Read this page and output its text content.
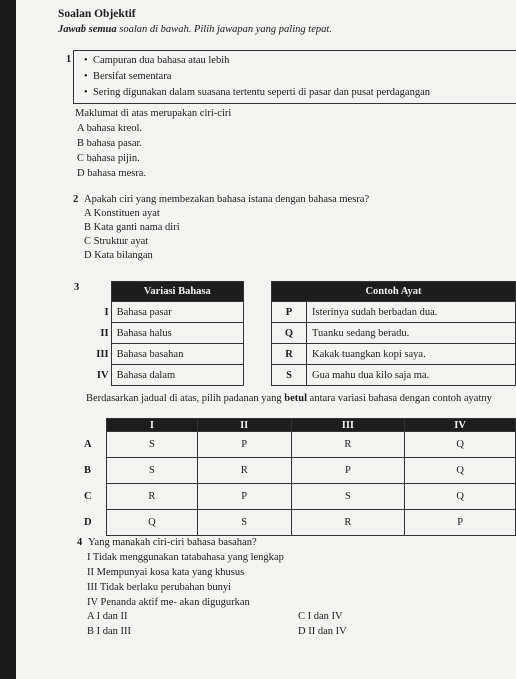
Soalan Objektif
Jawab semua soalan di bawah. Pilih jawapan yang paling tepat.
1 •  Campuran dua bahasa atau lebih
•  Bersifat sementara
•  Sering digunakan dalam suasana tertentu seperti di pasar dan pusat perdagangan
Maklumat di atas merupakan ciri-ciri
A bahasa kreol.
B bahasa pasar.
C bahasa pijin.
D bahasa mesra.
2 Apakah ciri yang membezakan bahasa istana dengan bahasa mesra?
A Konstituen ayat
B Kata ganti nama diri
C Struktur ayat
D Kata bilangan
3
		Variasi Bahasa
I	Bahasa pasar
II	Bahasa halus
III	Bahasa basahan
IV	Bahasa dalam
Contoh Ayat	
P	Isterinya sudah berbadan dua.
Q	Tuanku sedang beradu.
R	Kakak tuangkan kopi saya.
S	Gua mahu dua kilo saja ma.
Berdasarkan jadual di atas, pilih padanan yang betul antara variasi bahasa dengan contoh ayatny
	I	II	III	IV
A	S	P	R	Q
B	S	R	P	Q
C	R	P	S	Q
D	Q	S	R	P
4 Yang manakah ciri-ciri bahasa basahan?
I Tidak menggunakan tatabahasa yang lengkap
II Mempunyai kosa kata yang khusus
III Tidak berlaku perubahan bunyi
IV Penanda aktif me- akan digugurkan
A I dan II	C I dan IV
B I dan III	D II dan IV
